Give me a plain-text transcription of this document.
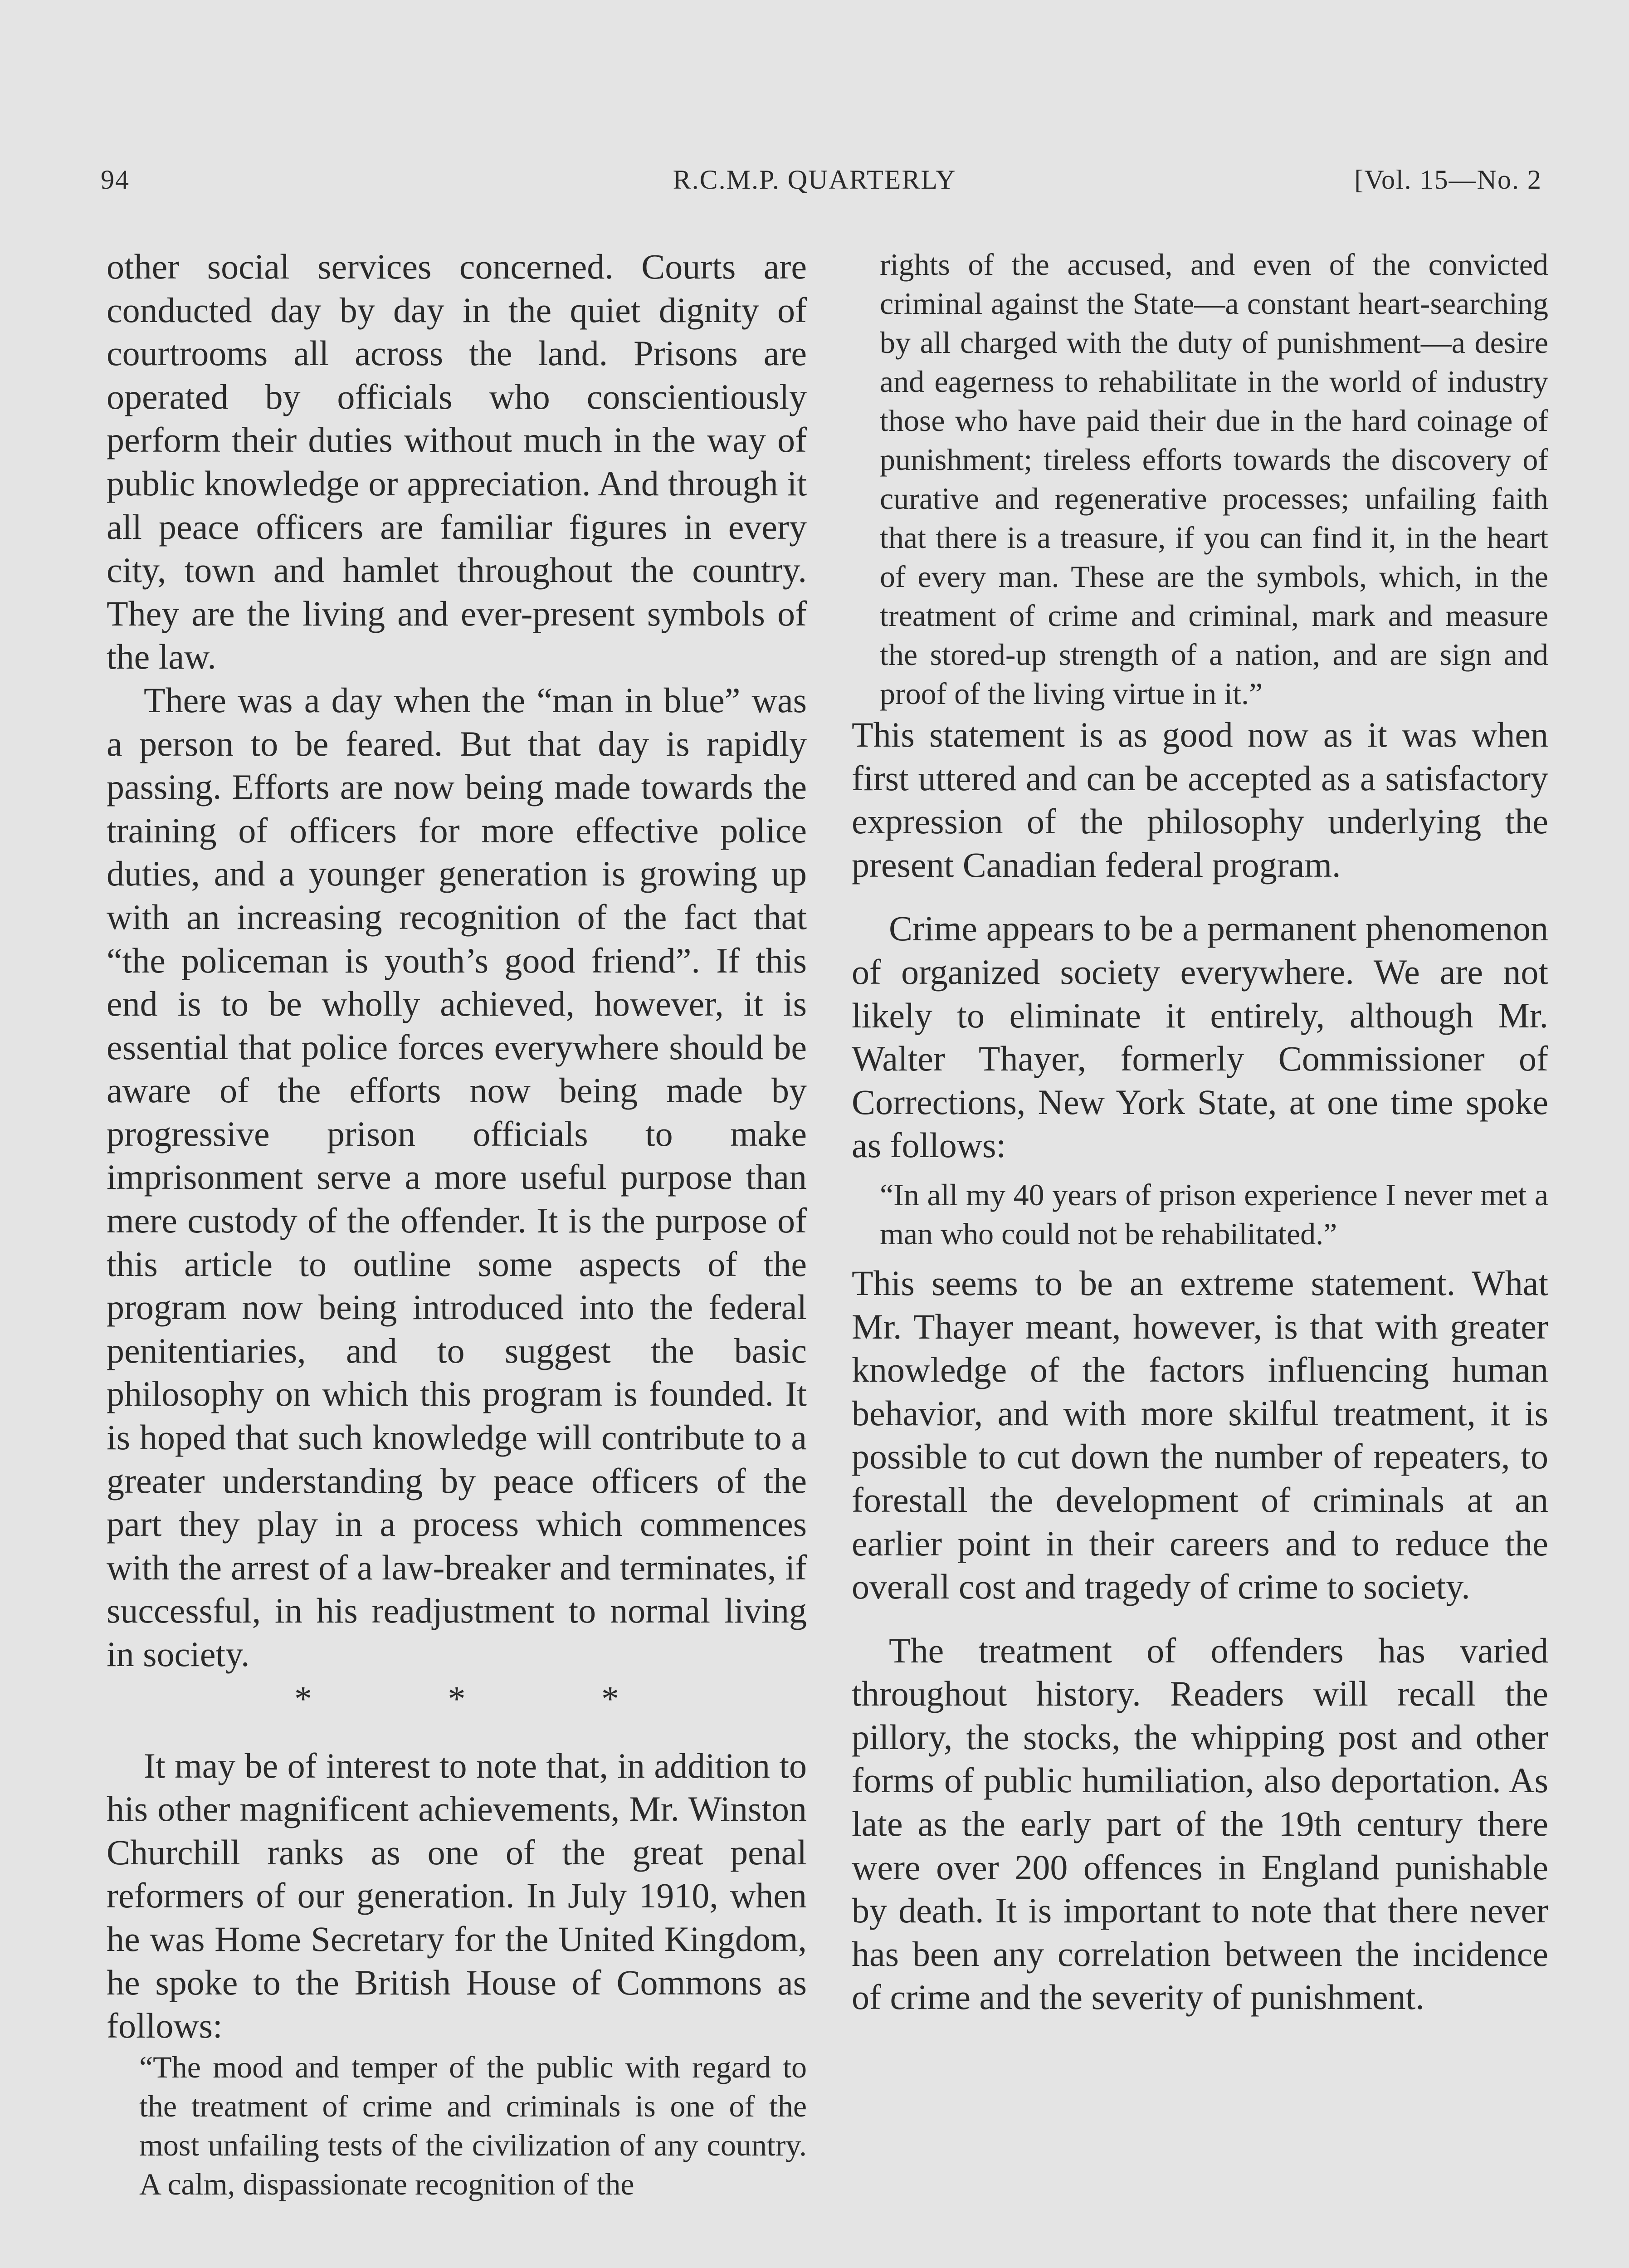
94	R.C.M.P. QUARTERLY	[Vol. 15—No. 2

other social services concerned. Courts are conducted day by day in the quiet dignity of courtrooms all across the land. Prisons are operated by officials who conscientiously perform their duties without much in the way of public knowledge or appreciation. And through it all peace officers are familiar figures in every city, town and hamlet throughout the country. They are the living and ever-present symbols of the law.

There was a day when the “man in blue” was a person to be feared. But that day is rapidly passing. Efforts are now being made towards the training of officers for more effective police duties, and a younger generation is growing up with an increasing recognition of the fact that “the policeman is youth’s good friend”. If this end is to be wholly achieved, however, it is essential that police forces everywhere should be aware of the efforts now being made by progressive prison officials to make imprisonment serve a more useful purpose than mere custody of the offender. It is the purpose of this article to outline some aspects of the program now being introduced into the federal penitentiaries, and to suggest the basic philosophy on which this program is founded. It is hoped that such knowledge will contribute to a greater understanding by peace officers of the part they play in a process which commences with the arrest of a law-breaker and terminates, if successful, in his readjustment to normal living in society.

* * *

It may be of interest to note that, in addition to his other magnificent achievements, Mr. Winston Churchill ranks as one of the great penal reformers of our generation. In July 1910, when he was Home Secretary for the United Kingdom, he spoke to the British House of Commons as follows:

“The mood and temper of the public with regard to the treatment of crime and criminals is one of the most unfailing tests of the civilization of any country. A calm, dispassionate recognition of the

rights of the accused, and even of the convicted criminal against the State—a constant heart-searching by all charged with the duty of punishment—a desire and eagerness to rehabilitate in the world of industry those who have paid their due in the hard coinage of punishment; tireless efforts towards the discovery of curative and regenerative processes; unfailing faith that there is a treasure, if you can find it, in the heart of every man. These are the symbols, which, in the treatment of crime and criminal, mark and measure the stored-up strength of a nation, and are sign and proof of the living virtue in it.”

This statement is as good now as it was when first uttered and can be accepted as a satisfactory expression of the philosophy underlying the present Canadian federal program.

Crime appears to be a permanent phenomenon of organized society everywhere. We are not likely to eliminate it entirely, although Mr. Walter Thayer, formerly Commissioner of Corrections, New York State, at one time spoke as follows:

“In all my 40 years of prison experience I never met a man who could not be rehabilitated.”

This seems to be an extreme statement. What Mr. Thayer meant, however, is that with greater knowledge of the factors influencing human behavior, and with more skilful treatment, it is possible to cut down the number of repeaters, to forestall the development of criminals at an earlier point in their careers and to reduce the overall cost and tragedy of crime to society.

The treatment of offenders has varied throughout history. Readers will recall the pillory, the stocks, the whipping post and other forms of public humiliation, also deportation. As late as the early part of the 19th century there were over 200 offences in England punishable by death. It is important to note that there never has been any correlation between the incidence of crime and the severity of punishment.
